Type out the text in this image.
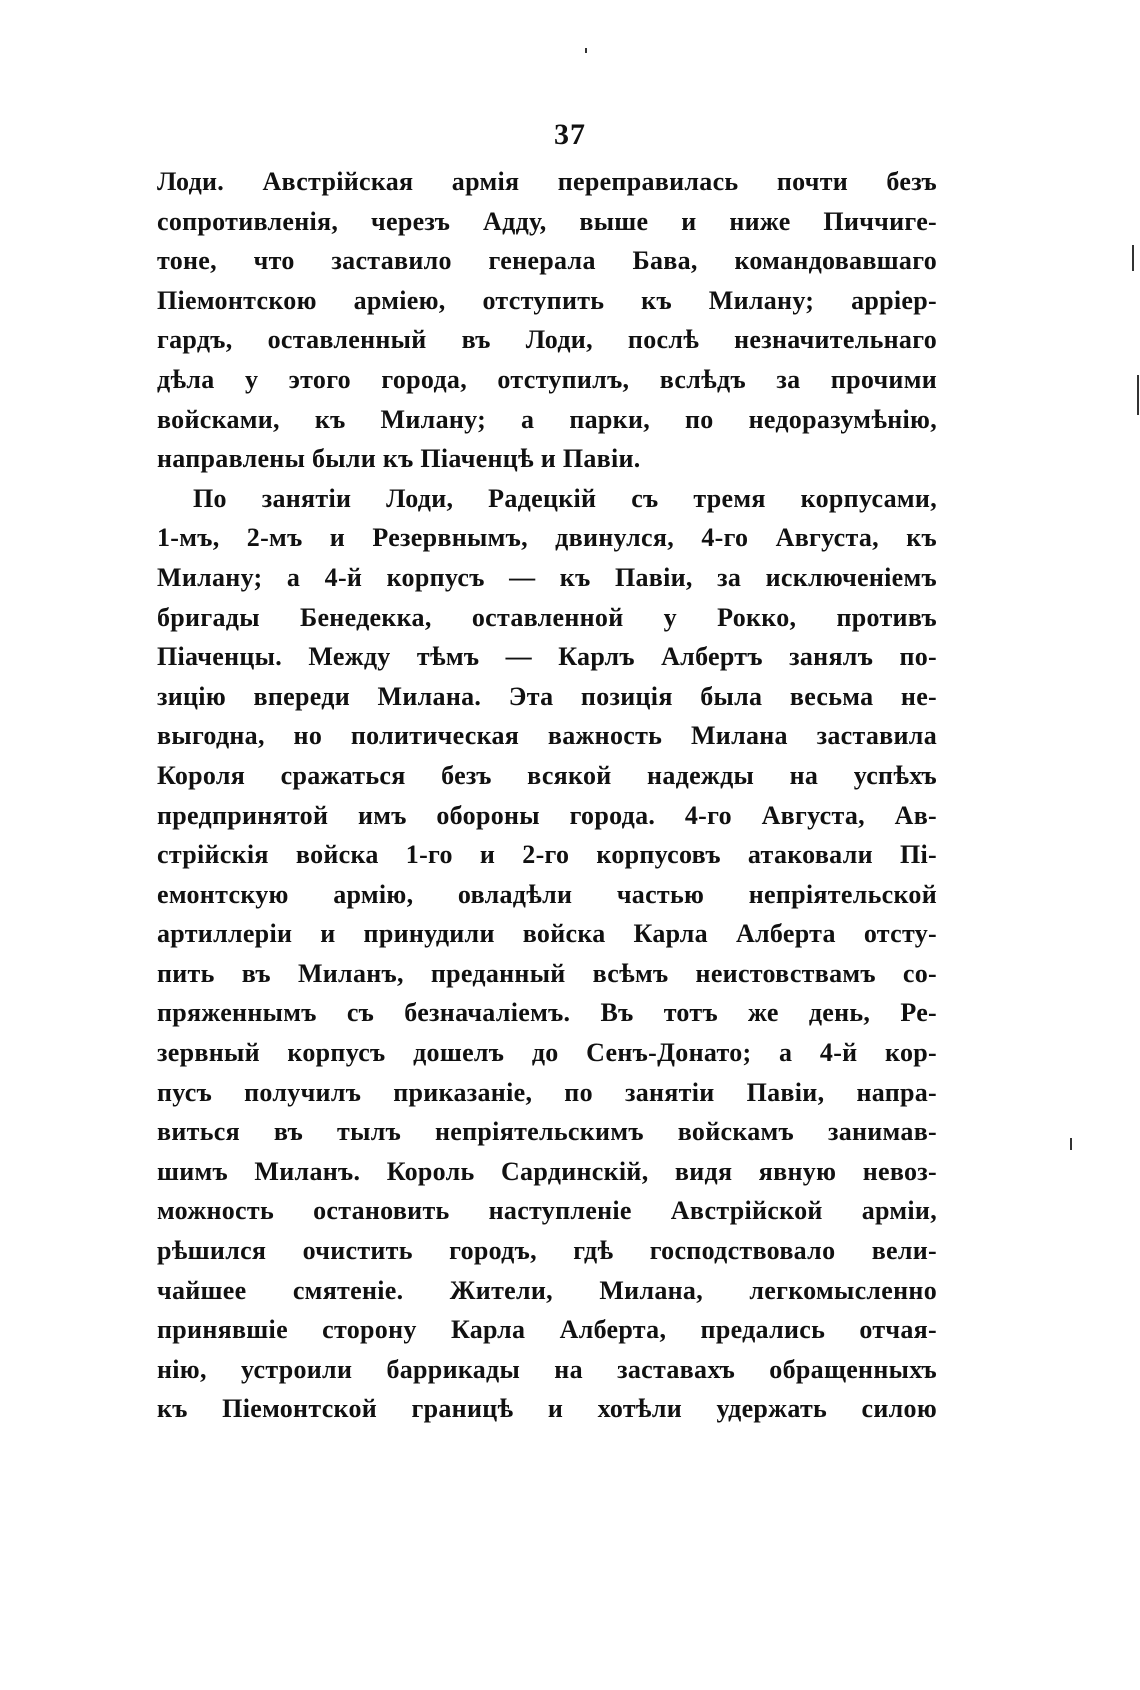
37
Лоди. Австрійская армія переправилась почти безъ
сопротивленія, черезъ Адду, выше и ниже Пиччиге-
тоне, что заставило генерала Бава, командовавшаго
Піемонтскою арміею, отступить къ Милану; арріер-
гардъ, оставленный въ Лоди, послѣ незначительнаго
дѣла у этого города, отступилъ, вслѣдъ за прочими
войсками, къ Милану; а парки, по недоразумѣнію,
направлены были къ Піаченцѣ и Павіи.
По занятіи Лоди, Радецкій съ тремя корпусами,
1-мъ, 2-мъ и Резервнымъ, двинулся, 4-го Августа, къ
Милану; а 4-й корпусъ — къ Павіи, за исключеніемъ
бригады Бенедекка, оставленной у Рокко, противъ
Піаченцы. Между тѣмъ — Карлъ Албертъ занялъ по-
зицію впереди Милана. Эта позиція была весьма не-
выгодна, но политическая важность Милана заставила
Короля сражаться безъ всякой надежды на успѣхъ
предпринятой имъ обороны города. 4-го Августа, Ав-
стрійскія войска 1-го и 2-го корпусовъ атаковали Пі-
емонтскую армію, овладѣли частью непріятельской
артиллеріи и принудили войска Карла Алберта отсту-
пить въ Миланъ, преданный всѣмъ неистовствамъ со-
пряженнымъ съ безначаліемъ. Въ тотъ же день, Ре-
зервный корпусъ дошелъ до Сенъ-Донато; а 4-й кор-
пусъ получилъ приказаніе, по занятіи Павіи, напра-
виться въ тылъ непріятельскимъ войскамъ занимав-
шимъ Миланъ. Король Сардинскій, видя явную невоз-
можность остановить наступленіе Австрійской арміи,
рѣшился очистить городъ, гдѣ господствовало вели-
чайшее смятеніе. Жители, Милана, легкомысленно
принявшіе сторону Карла Алберта, предались отчая-
нію, устроили баррикады на заставахъ обращенныхъ
къ Піемонтской границѣ и хотѣли удержать силою
